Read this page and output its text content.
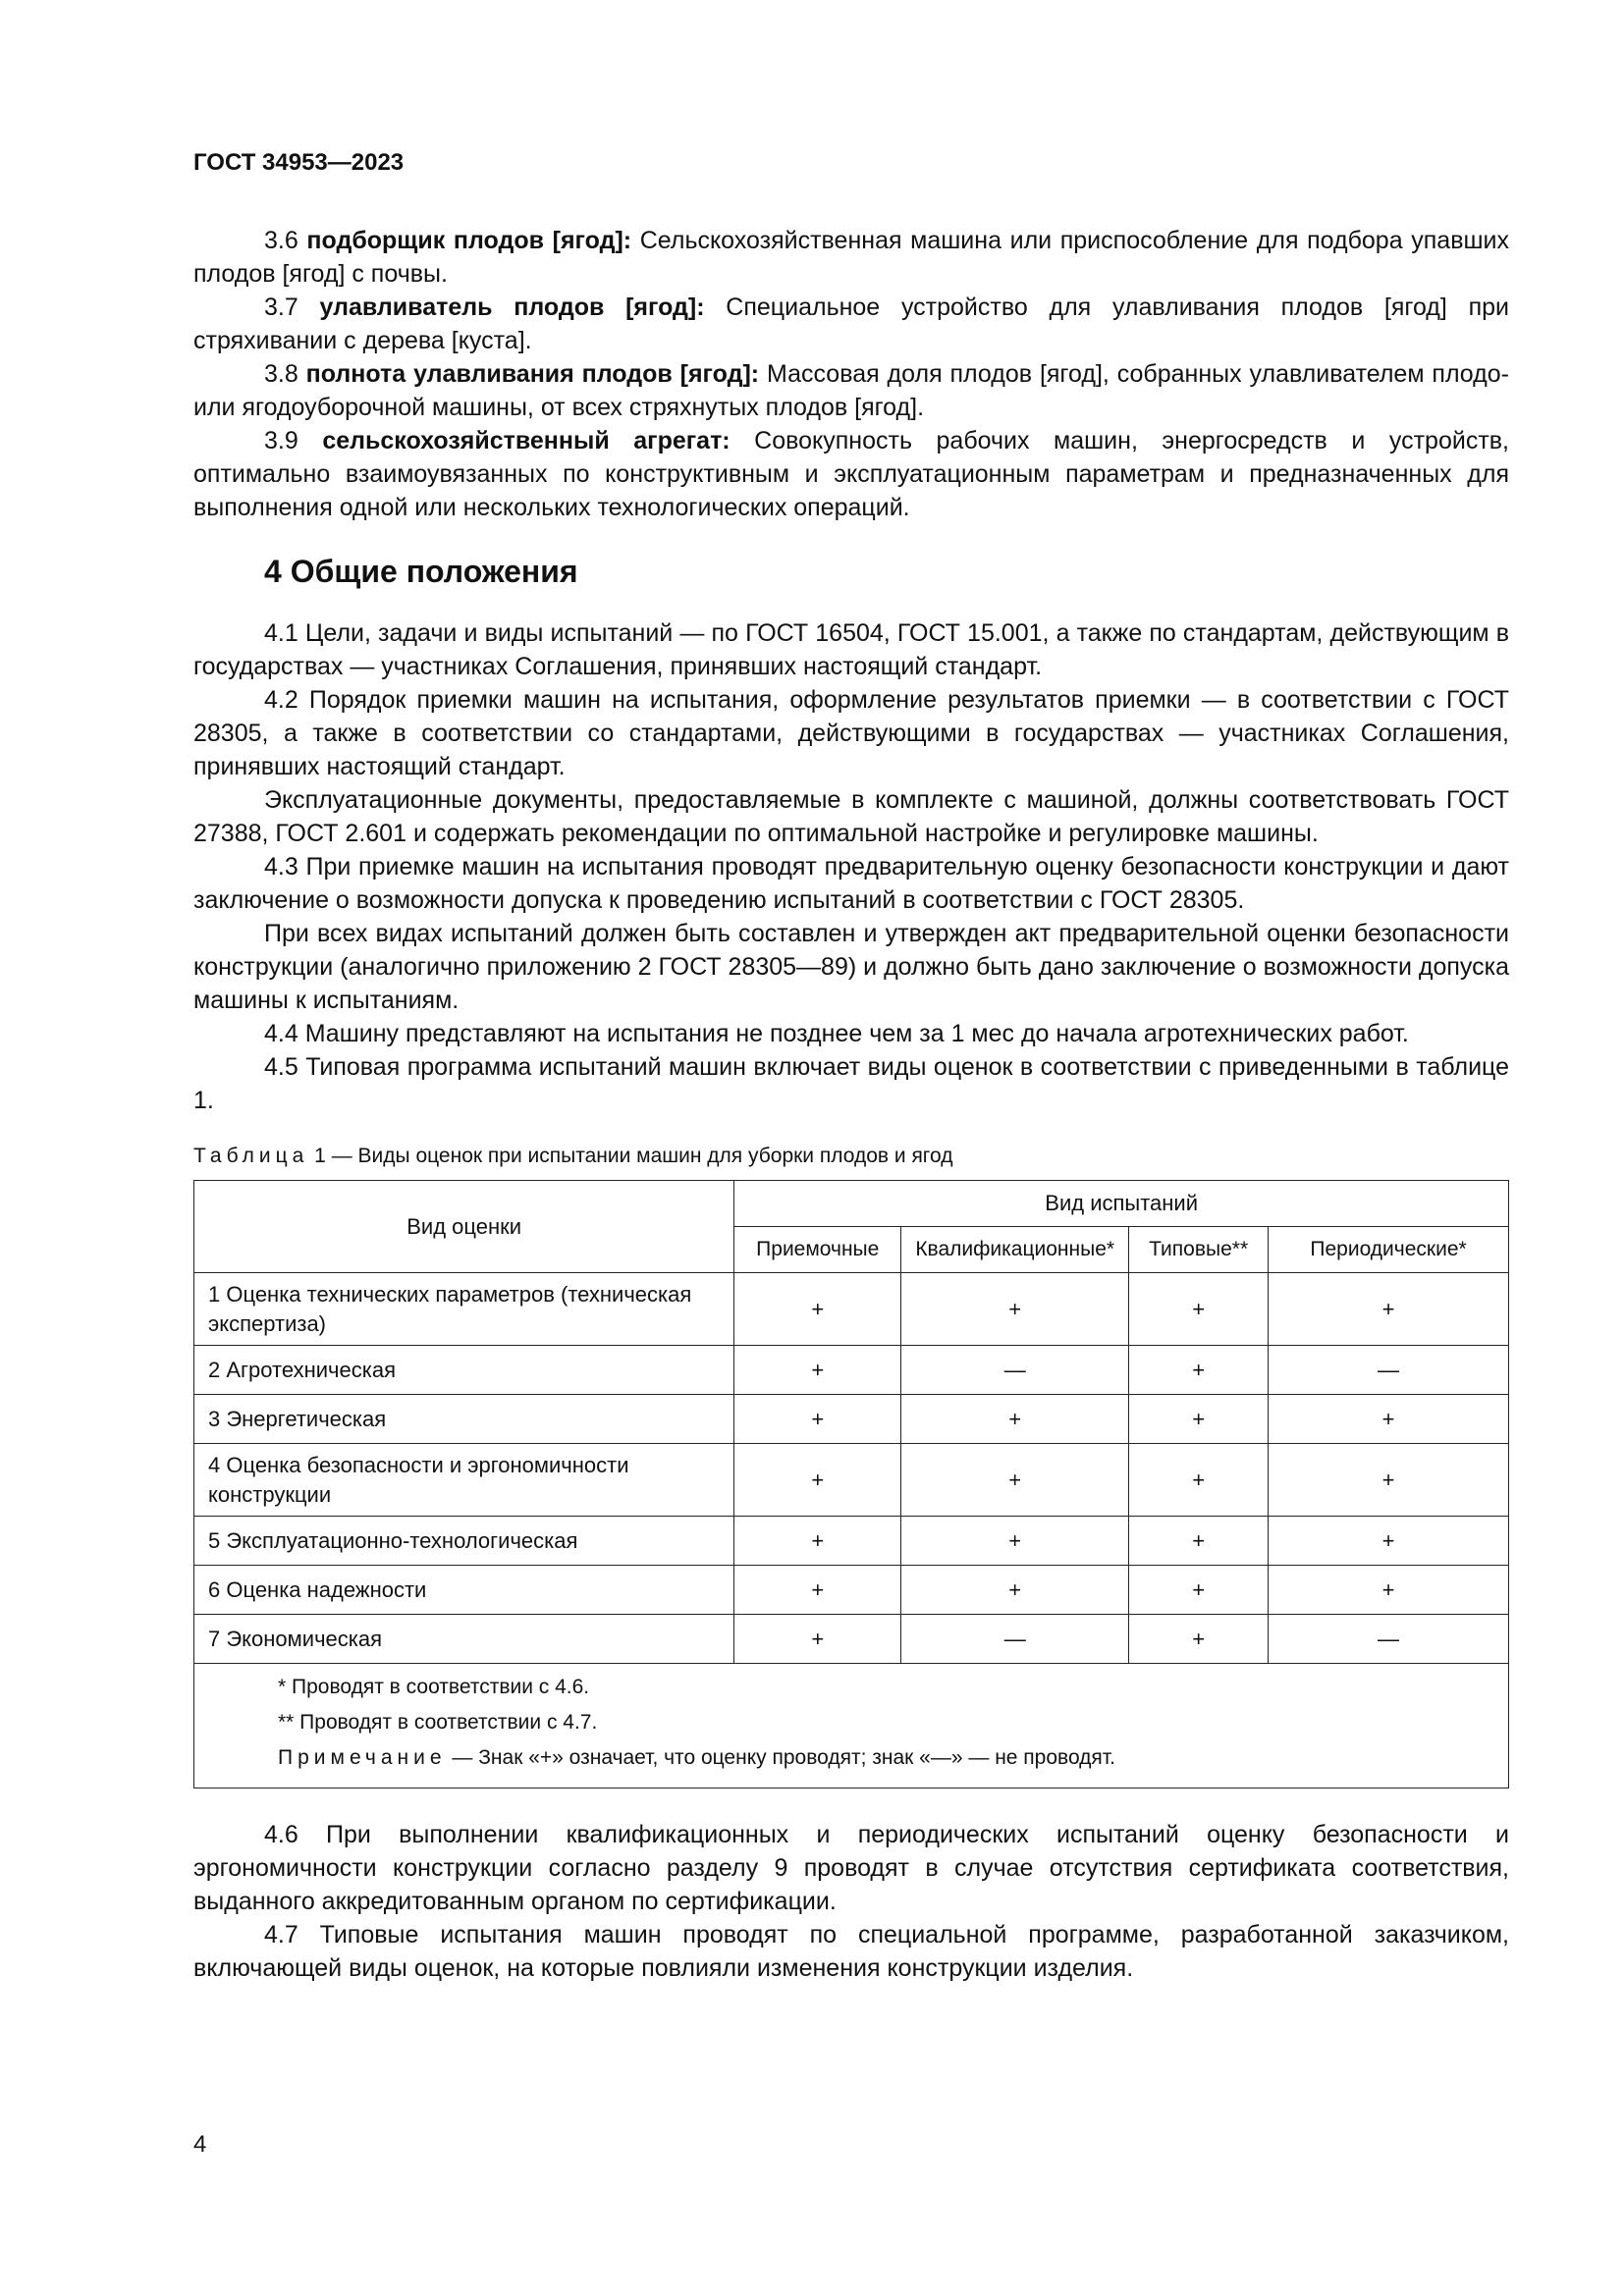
ГОСТ 34953—2023

3.6 подборщик плодов [ягод]: Сельскохозяйственная машина или приспособление для подбора упавших плодов [ягод] с почвы.

3.7 улавливатель плодов [ягод]: Специальное устройство для улавливания плодов [ягод] при стряхивании с дерева [куста].

3.8 полнота улавливания плодов [ягод]: Массовая доля плодов [ягод], собранных улавливателем плодо- или ягодоуборочной машины, от всех стряхнутых плодов [ягод].

3.9 сельскохозяйственный агрегат: Совокупность рабочих машин, энергосредств и устройств, оптимально взаимоувязанных по конструктивным и эксплуатационным параметрам и предназначенных для выполнения одной или нескольких технологических операций.

4 Общие положения

4.1 Цели, задачи и виды испытаний — по ГОСТ 16504, ГОСТ 15.001, а также по стандартам, действующим в государствах — участниках Соглашения, принявших настоящий стандарт.

4.2 Порядок приемки машин на испытания, оформление результатов приемки — в соответствии с ГОСТ 28305, а также в соответствии со стандартами, действующими в государствах — участниках Соглашения, принявших настоящий стандарт.

Эксплуатационные документы, предоставляемые в комплекте с машиной, должны соответствовать ГОСТ 27388, ГОСТ 2.601 и содержать рекомендации по оптимальной настройке и регулировке машины.

4.3 При приемке машин на испытания проводят предварительную оценку безопасности конструкции и дают заключение о возможности допуска к проведению испытаний в соответствии с ГОСТ 28305.

При всех видах испытаний должен быть составлен и утвержден акт предварительной оценки безопасности конструкции (аналогично приложению 2 ГОСТ 28305—89) и должно быть дано заключение о возможности допуска машины к испытаниям.

4.4 Машину представляют на испытания не позднее чем за 1 мес до начала агротехнических работ.

4.5 Типовая программа испытаний машин включает виды оценок в соответствии с приведенными в таблице 1.

Таблица 1 — Виды оценок при испытании машин для уборки плодов и ягод
Вид оценки	Вид испытаний			
	Приемочные	Квалификационные*	Типовые**	Периодические*
1 Оценка технических параметров (техническая экспертиза)	+	+	+	+
2 Агротехническая	+	—	+	—
3 Энергетическая	+	+	+	+
4 Оценка безопасности и эргономичности конструкции	+	+	+	+
5 Эксплуатационно-технологическая	+	+	+	+
6 Оценка надежности	+	+	+	+
7 Экономическая	+	—	+	—

* Проводят в соответствии с 4.6.
** Проводят в соответствии с 4.7.
Примечание — Знак «+» означает, что оценку проводят; знак «—» — не проводят.				

4.6 При выполнении квалификационных и периодических испытаний оценку безопасности и эргономичности конструкции согласно разделу 9 проводят в случае отсутствия сертификата соответствия, выданного аккредитованным органом по сертификации.

4.7 Типовые испытания машин проводят по специальной программе, разработанной заказчиком, включающей виды оценок, на которые повлияли изменения конструкции изделия.

4
